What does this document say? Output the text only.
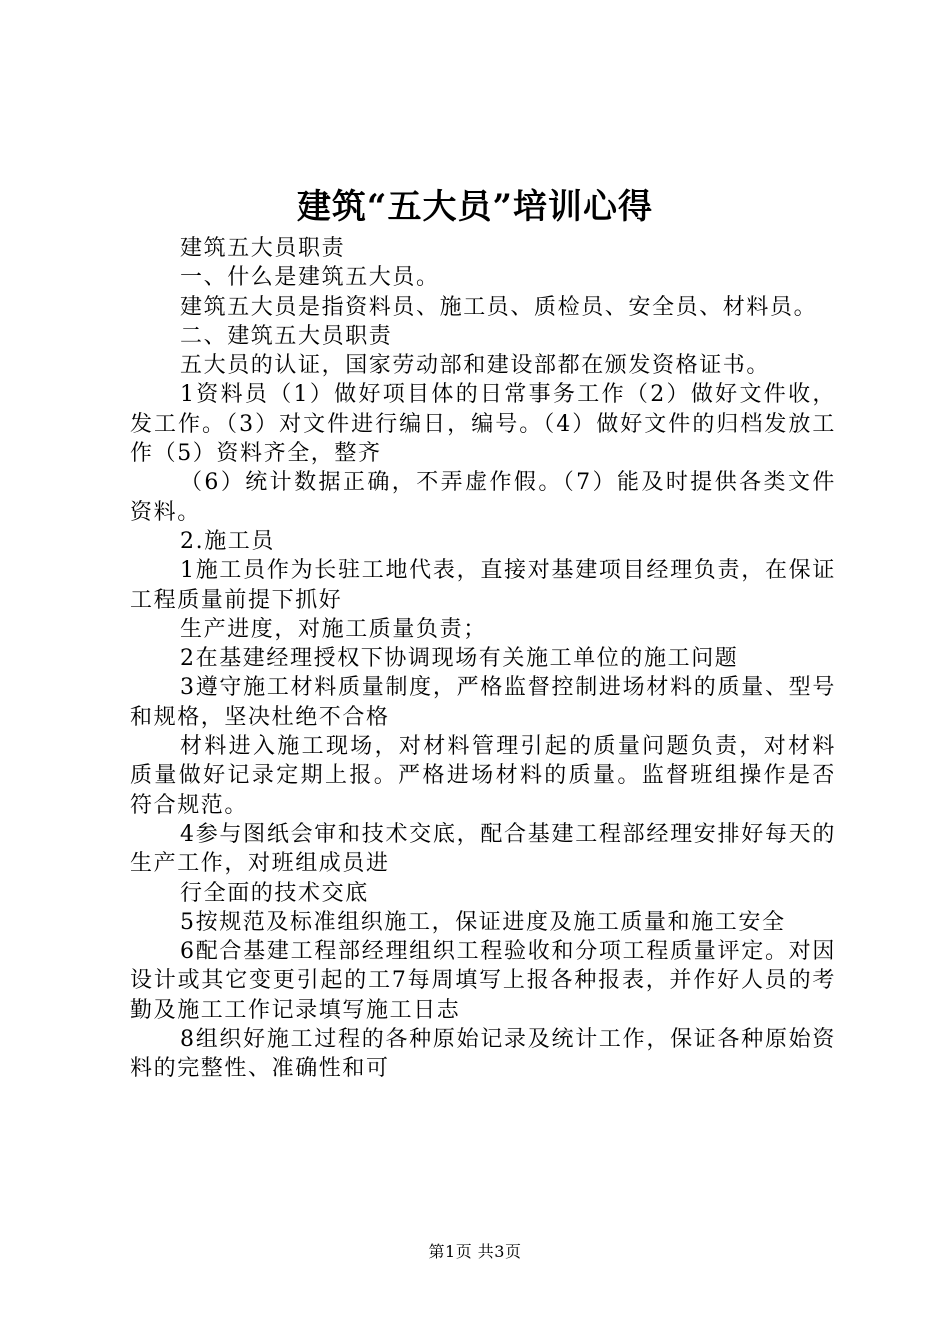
建筑“五大员”培训心得

建筑五大员职责

一、什么是建筑五大员。

建筑五大员是指资料员、施工员、质检员、安全员、材料员。

二、建筑五大员职责

五大员的认证，国家劳动部和建设部都在颁发资格证书。

1资料员（1）做好项目体的日常事务工作（2）做好文件收，发工作。（3）对文件进行编日，编号。（4）做好文件的归档发放工作（5）资料齐全，整齐

（6）统计数据正确，不弄虚作假。（7）能及时提供各类文件资料。

2.施工员

1施工员作为长驻工地代表，直接对基建项目经理负责，在保证工程质量前提下抓好

生产进度，对施工质量负责；

2在基建经理授权下协调现场有关施工单位的施工问题

3遵守施工材料质量制度，严格监督控制进场材料的质量、型号和规格，坚决杜绝不合格

材料进入施工现场，对材料管理引起的质量问题负责，对材料质量做好记录定期上报。严格进场材料的质量。监督班组操作是否符合规范。

4参与图纸会审和技术交底，配合基建工程部经理安排好每天的生产工作，对班组成员进

行全面的技术交底

5按规范及标准组织施工，保证进度及施工质量和施工安全

6配合基建工程部经理组织工程验收和分项工程质量评定。对因设计或其它变更引起的工7每周填写上报各种报表，并作好人员的考勤及施工工作记录填写施工日志

8组织好施工过程的各种原始记录及统计工作，保证各种原始资料的完整性、准确性和可

第1页 共3页
